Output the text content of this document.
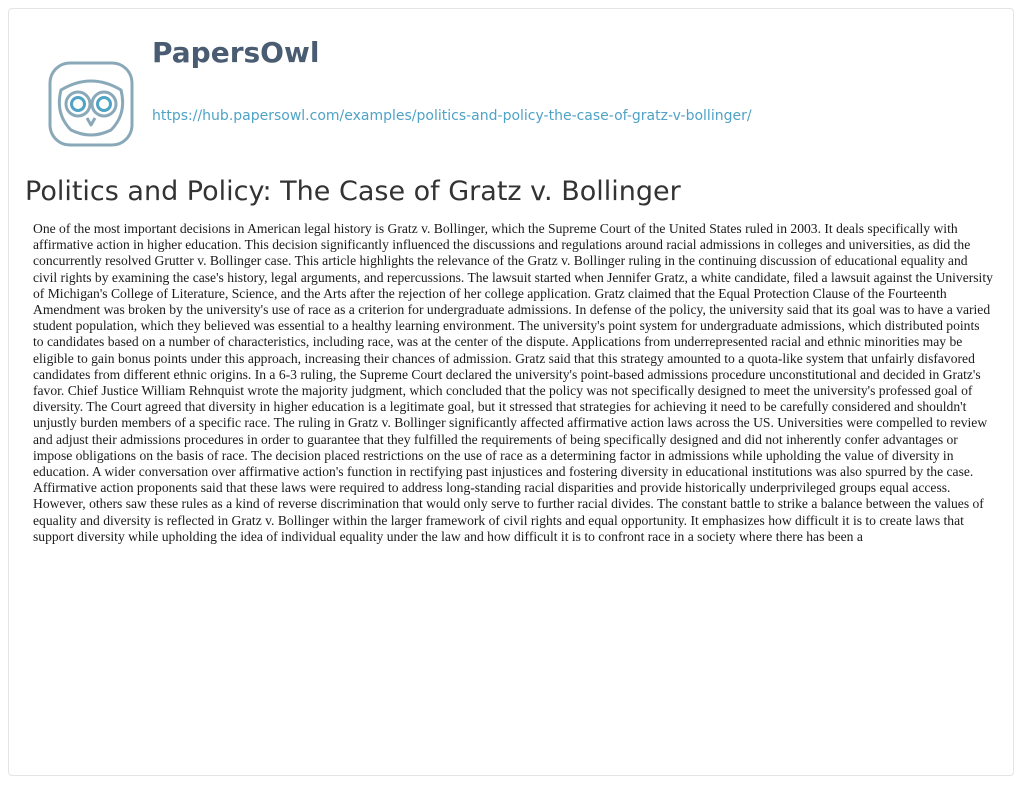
PapersOwl
https://hub.papersowl.com/examples/politics-and-policy-the-case-of-gratz-v-bollinger/
Politics and Policy: The Case of Gratz v. Bollinger

One of the most important decisions in American legal history is Gratz v. Bollinger, which the Supreme Court of the United States ruled in 2003. It deals specifically with affirmative action in higher education. This decision significantly influenced the discussions and regulations around racial admissions in colleges and universities, as did the concurrently resolved Grutter v. Bollinger case. This article highlights the relevance of the Gratz v. Bollinger ruling in the continuing discussion of educational equality and civil rights by examining the case's history, legal arguments, and repercussions. The lawsuit started when Jennifer Gratz, a white candidate, filed a lawsuit against the University of Michigan's College of Literature, Science, and the Arts after the rejection of her college application. Gratz claimed that the Equal Protection Clause of the Fourteenth Amendment was broken by the university's use of race as a criterion for undergraduate admissions. In defense of the policy, the university said that its goal was to have a varied student population, which they believed was essential to a healthy learning environment. The university's point system for undergraduate admissions, which distributed points to candidates based on a number of characteristics, including race, was at the center of the dispute. Applications from underrepresented racial and ethnic minorities may be eligible to gain bonus points under this approach, increasing their chances of admission. Gratz said that this strategy amounted to a quota-like system that unfairly disfavored candidates from different ethnic origins. In a 6-3 ruling, the Supreme Court declared the university's point-based admissions procedure unconstitutional and decided in Gratz's favor. Chief Justice William Rehnquist wrote the majority judgment, which concluded that the policy was not specifically designed to meet the university's professed goal of diversity. The Court agreed that diversity in higher education is a legitimate goal, but it stressed that strategies for achieving it need to be carefully considered and shouldn't unjustly burden members of a specific race. The ruling in Gratz v. Bollinger significantly affected affirmative action laws across the US. Universities were compelled to review and adjust their admissions procedures in order to guarantee that they fulfilled the requirements of being specifically designed and did not inherently confer advantages or impose obligations on the basis of race. The decision placed restrictions on the use of race as a determining factor in admissions while upholding the value of diversity in education. A wider conversation over affirmative action's function in rectifying past injustices and fostering diversity in educational institutions was also spurred by the case. Affirmative action proponents said that these laws were required to address long-standing racial disparities and provide historically underprivileged groups equal access. However, others saw these rules as a kind of reverse discrimination that would only serve to further racial divides. The constant battle to strike a balance between the values of equality and diversity is reflected in Gratz v. Bollinger within the larger framework of civil rights and equal opportunity. It emphasizes how difficult it is to create laws that support diversity while upholding the idea of individual equality under the law and how difficult it is to confront race in a society where there has been a
